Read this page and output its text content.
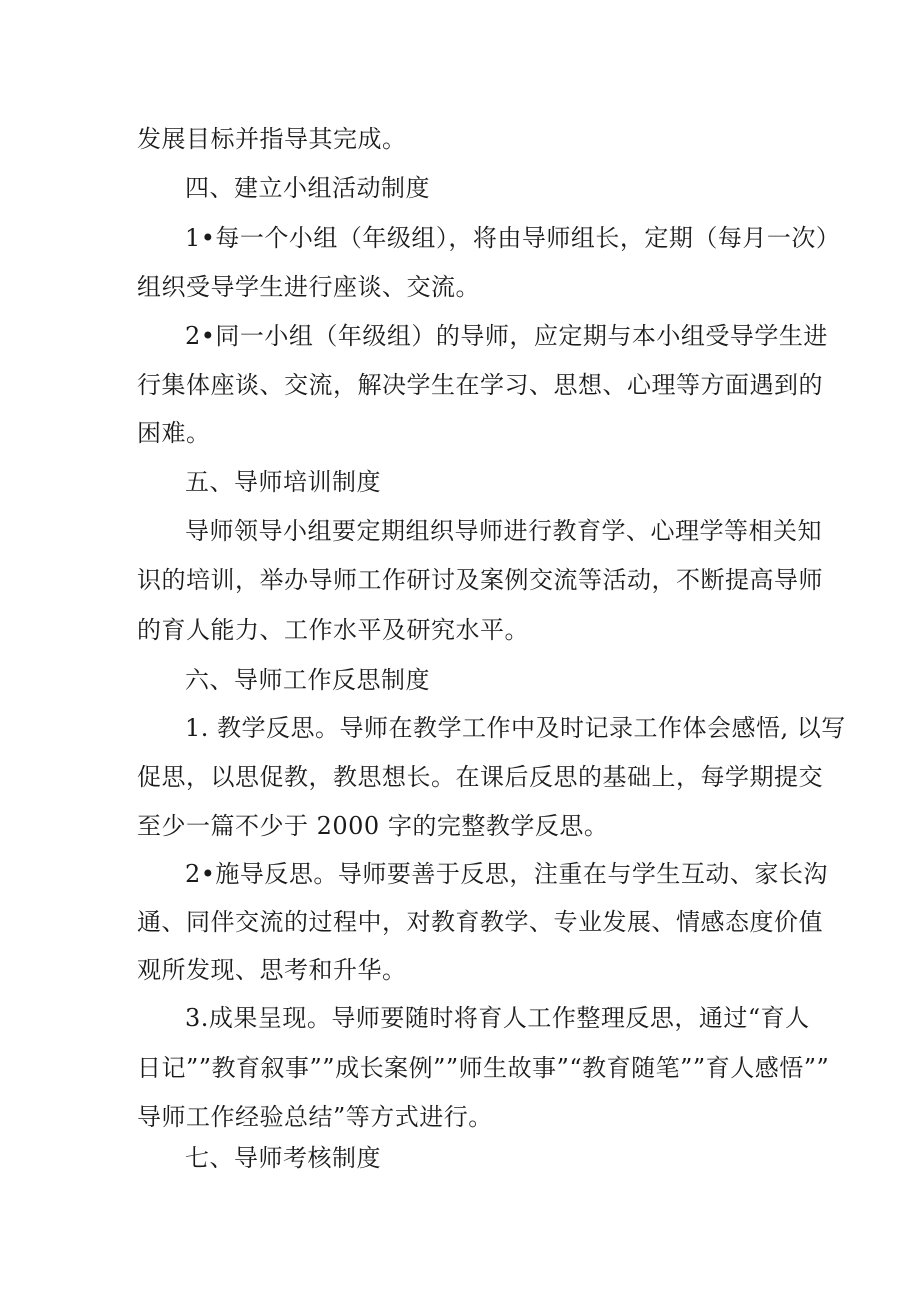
发展目标并指导其完成。
四、建立小组活动制度
1•每一个小组（年级组），将由导师组长，定期（每月一次）
组织受导学生进行座谈、交流。
2•同一小组（年级组）的导师，应定期与本小组受导学生进
行集体座谈、交流，解决学生在学习、思想、心理等方面遇到的
困难。
五、导师培训制度
导师领导小组要定期组织导师进行教育学、心理学等相关知
识的培训，举办导师工作研讨及案例交流等活动，不断提高导师
的育人能力、工作水平及研究水平。
六、导师工作反思制度
1. 教学反思。导师在教学工作中及时记录工作体会感悟, 以写
促思，以思促教，教思想长。在课后反思的基础上，每学期提交
至少一篇不少于 2000 字的完整教学反思。
2•施导反思。导师要善于反思，注重在与学生互动、家长沟
通、同伴交流的过程中，对教育教学、专业发展、情感态度价值
观所发现、思考和升华。
3.成果呈现。导师要随时将育人工作整理反思，通过“育人
日记””教育叙事””成长案例””师生故事”“教育随笔””育人感悟””
导师工作经验总结”等方式进行。
七、导师考核制度
